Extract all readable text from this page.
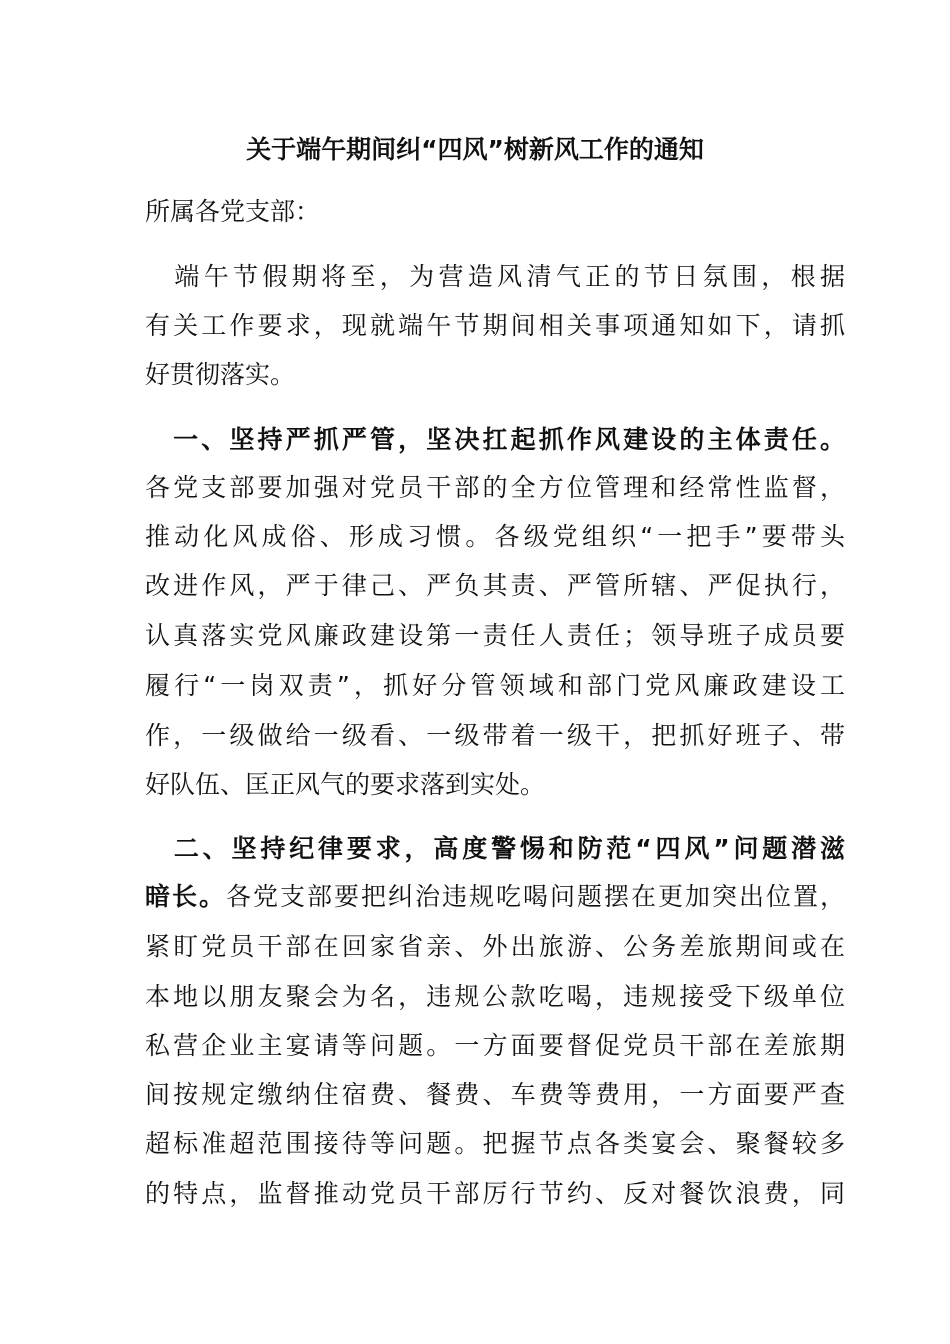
关于端午期间纠“四风”树新风工作的通知

所属各党支部：

　端午节假期将至，为营造风清气正的节日氛围，根据

有关工作要求，现就端午节期间相关事项通知如下，请抓

好贯彻落实。

　一、坚持严抓严管，坚决扛起抓作风建设的主体责任。

各党支部要加强对党员干部的全方位管理和经常性监督，

推动化风成俗、形成习惯。各级党组织“一把手”要带头

改进作风，严于律己、严负其责、严管所辖、严促执行，

认真落实党风廉政建设第一责任人责任；领导班子成员要

履行“一岗双责”，抓好分管领域和部门党风廉政建设工

作，一级做给一级看、一级带着一级干，把抓好班子、带

好队伍、匡正风气的要求落到实处。

　二、坚持纪律要求，高度警惕和防范“四风”问题潜滋

暗长。各党支部要把纠治违规吃喝问题摆在更加突出位置，

紧盯党员干部在回家省亲、外出旅游、公务差旅期间或在

本地以朋友聚会为名，违规公款吃喝，违规接受下级单位

私营企业主宴请等问题。一方面要督促党员干部在差旅期

间按规定缴纳住宿费、餐费、车费等费用，一方面要严查

超标准超范围接待等问题。把握节点各类宴会、聚餐较多

的特点，监督推动党员干部厉行节约、反对餐饮浪费，同
